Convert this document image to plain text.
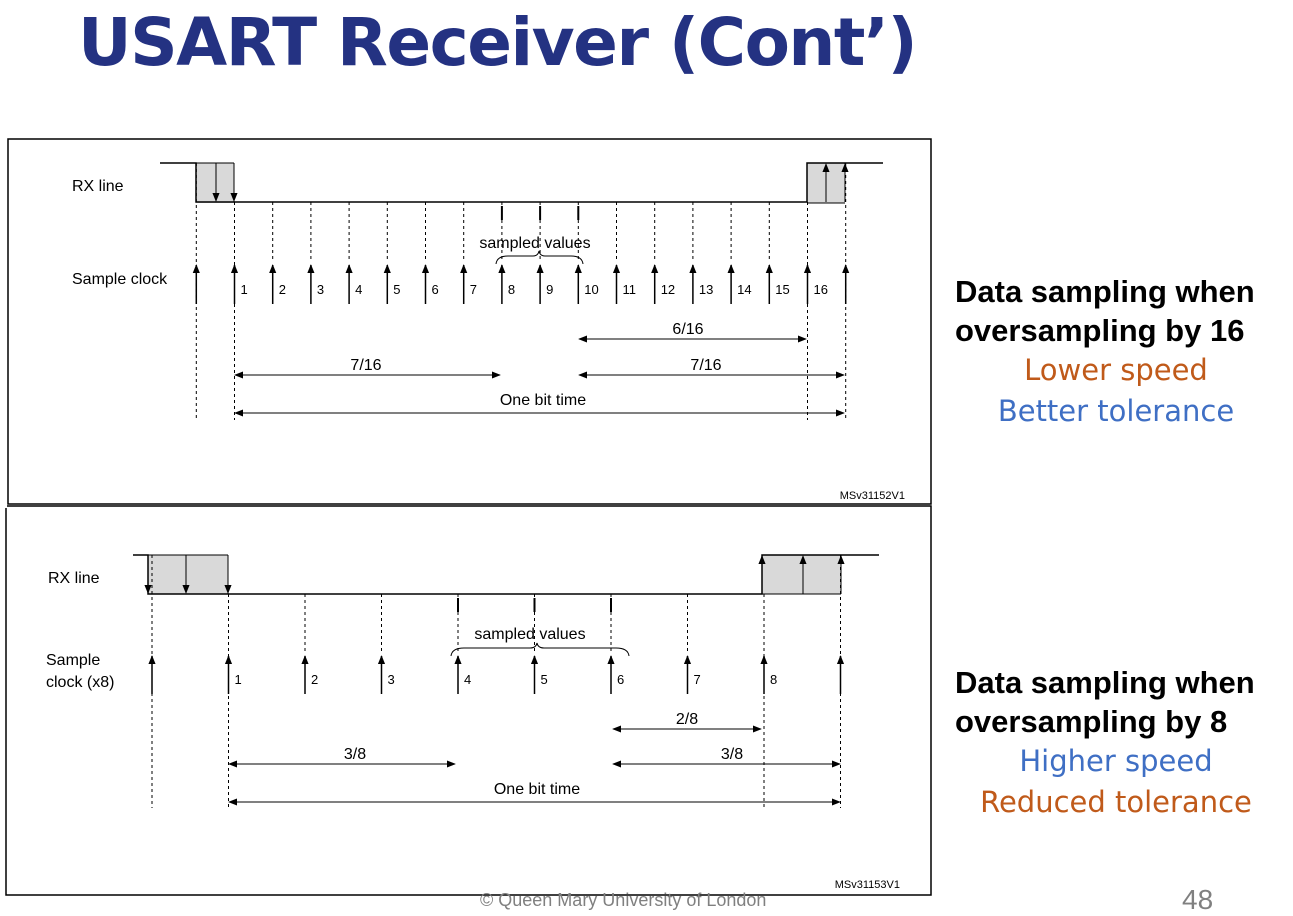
USART Receiver (Cont’)
1 2 3 4 5 6 7 8 9 10 11 12 13 14 15 16
RX line
Sample clock
sampled values
7/16
6/16
7/16
One bit time
MSv31152V1
1	2	3	4	5	6	7	8
RX line
Sample
clock (x8)
sampled values
3/8
2/8
3/8
One bit time
MSv31153V1
Data sampling when
oversampling by 16
Lower speed
Better tolerance
Data sampling when
oversampling by 8
Higher speed
Reduced tolerance
© Queen Mary University of London	48
